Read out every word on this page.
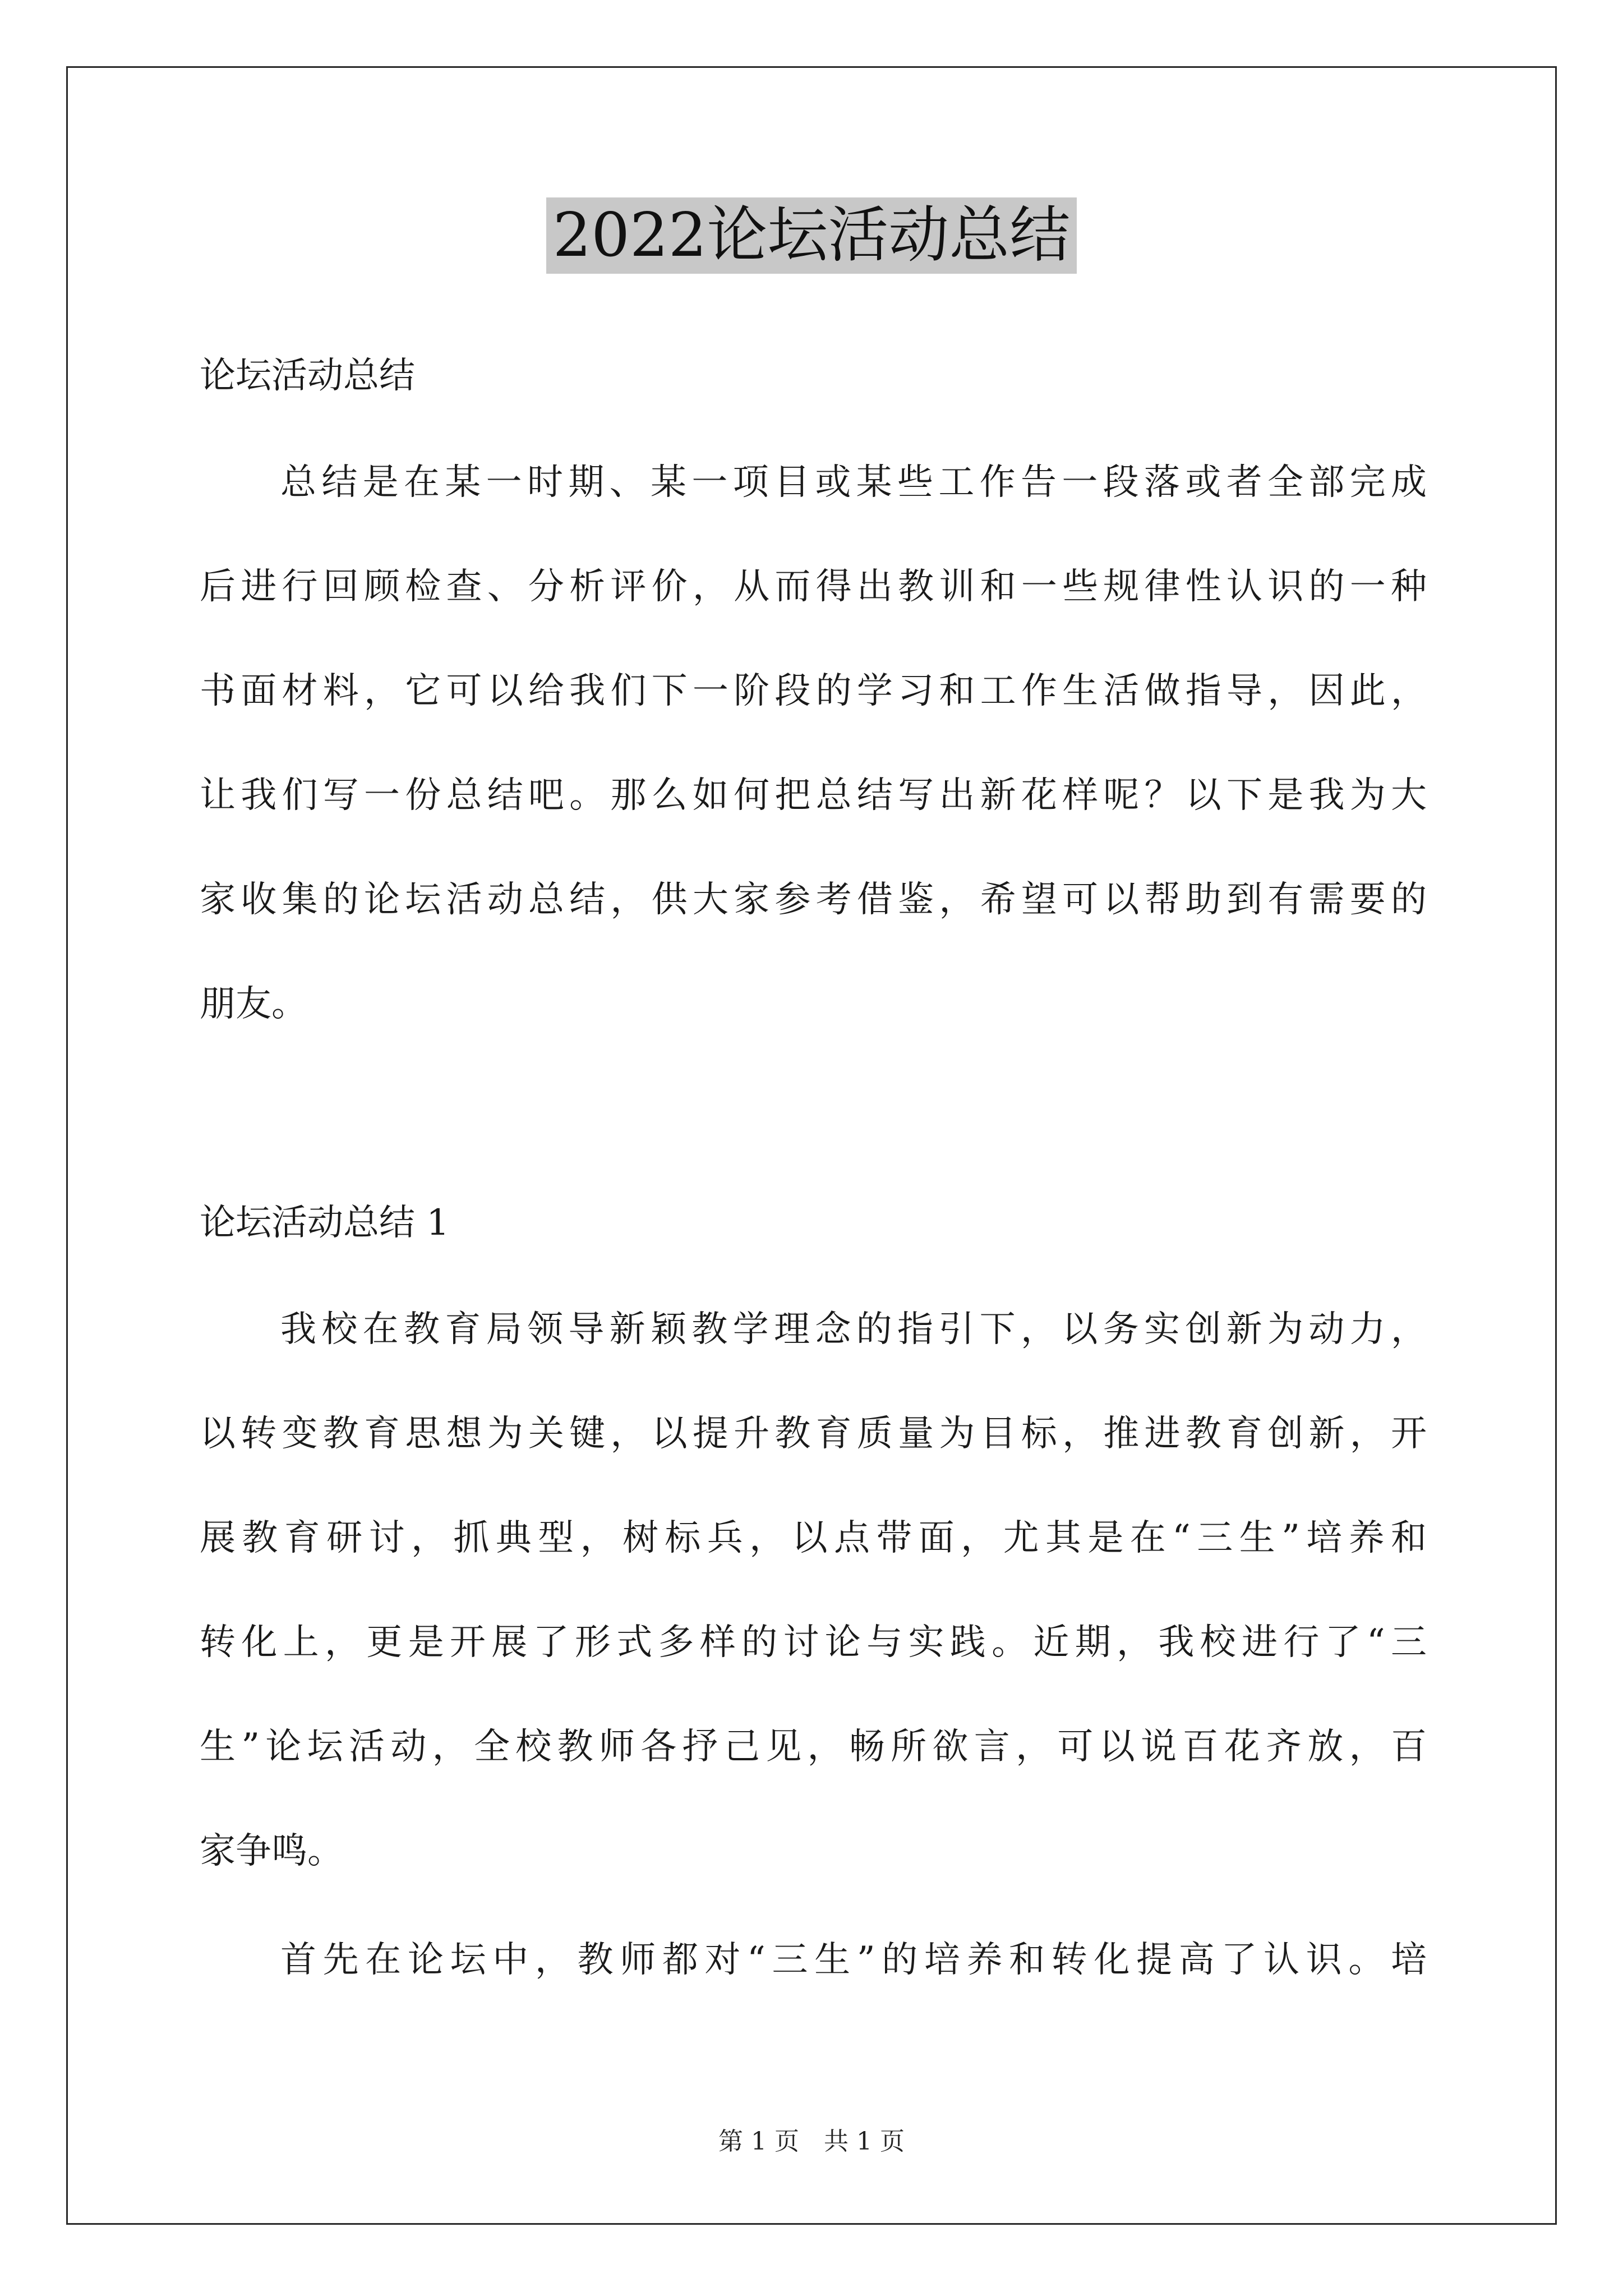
2022论坛活动总结
论坛活动总结
总结是在某一时期、某一项目或某些工作告一段落或者全部完成
后进行回顾检查、分析评价，从而得出教训和一些规律性认识的一种
书面材料，它可以给我们下一阶段的学习和工作生活做指导，因此，
让我们写一份总结吧。那么如何把总结写出新花样呢？以下是我为大
家收集的论坛活动总结，供大家参考借鉴，希望可以帮助到有需要的
朋友。
论坛活动总结 1
我校在教育局领导新颖教学理念的指引下，以务实创新为动力，
以转变教育思想为关键，以提升教育质量为目标，推进教育创新，开
展教育研讨，抓典型，树标兵，以点带面，尤其是在“三生”培养和
转化上，更是开展了形式多样的讨论与实践。近期，我校进行了“三
生”论坛活动，全校教师各抒己见，畅所欲言，可以说百花齐放，百
家争鸣。
首先在论坛中，教师都对“三生”的培养和转化提高了认识。培
第 1 页　共 1 页
